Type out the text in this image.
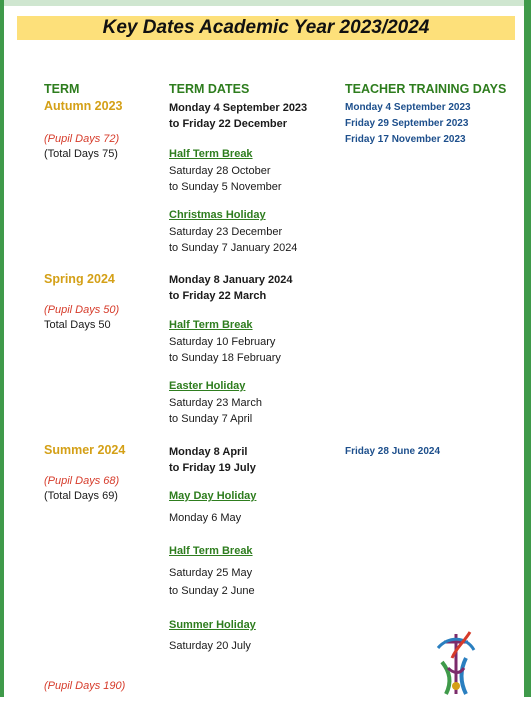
Key Dates Academic Year 2023/2024
TERM	TERM DATES	TEACHER TRAINING DAYS
Autumn 2023
(Pupil Days 72)
(Total Days 75)
Monday 4 September 2023
to Friday 22 December
Half Term Break
Saturday 28 October
to Sunday 5 November
Christmas Holiday
Saturday 23 December
to Sunday 7 January 2024
Monday 4 September 2023
Friday 29 September 2023
Friday 17 November 2023
Spring 2024
(Pupil Days 50)
Total Days 50
Monday 8 January 2024
to Friday 22 March
Half Term Break
Saturday 10 February
to Sunday 18 February
Easter Holiday
Saturday 23 March
to Sunday 7 April
Summer 2024
(Pupil Days 68)
(Total Days 69)
Monday 8 April
to Friday 19 July
May Day Holiday
Monday 6 May
Half Term Break
Saturday 25 May
to Sunday 2 June
Summer Holiday
Saturday 20 July
Friday 28 June 2024
(Pupil Days 190)
